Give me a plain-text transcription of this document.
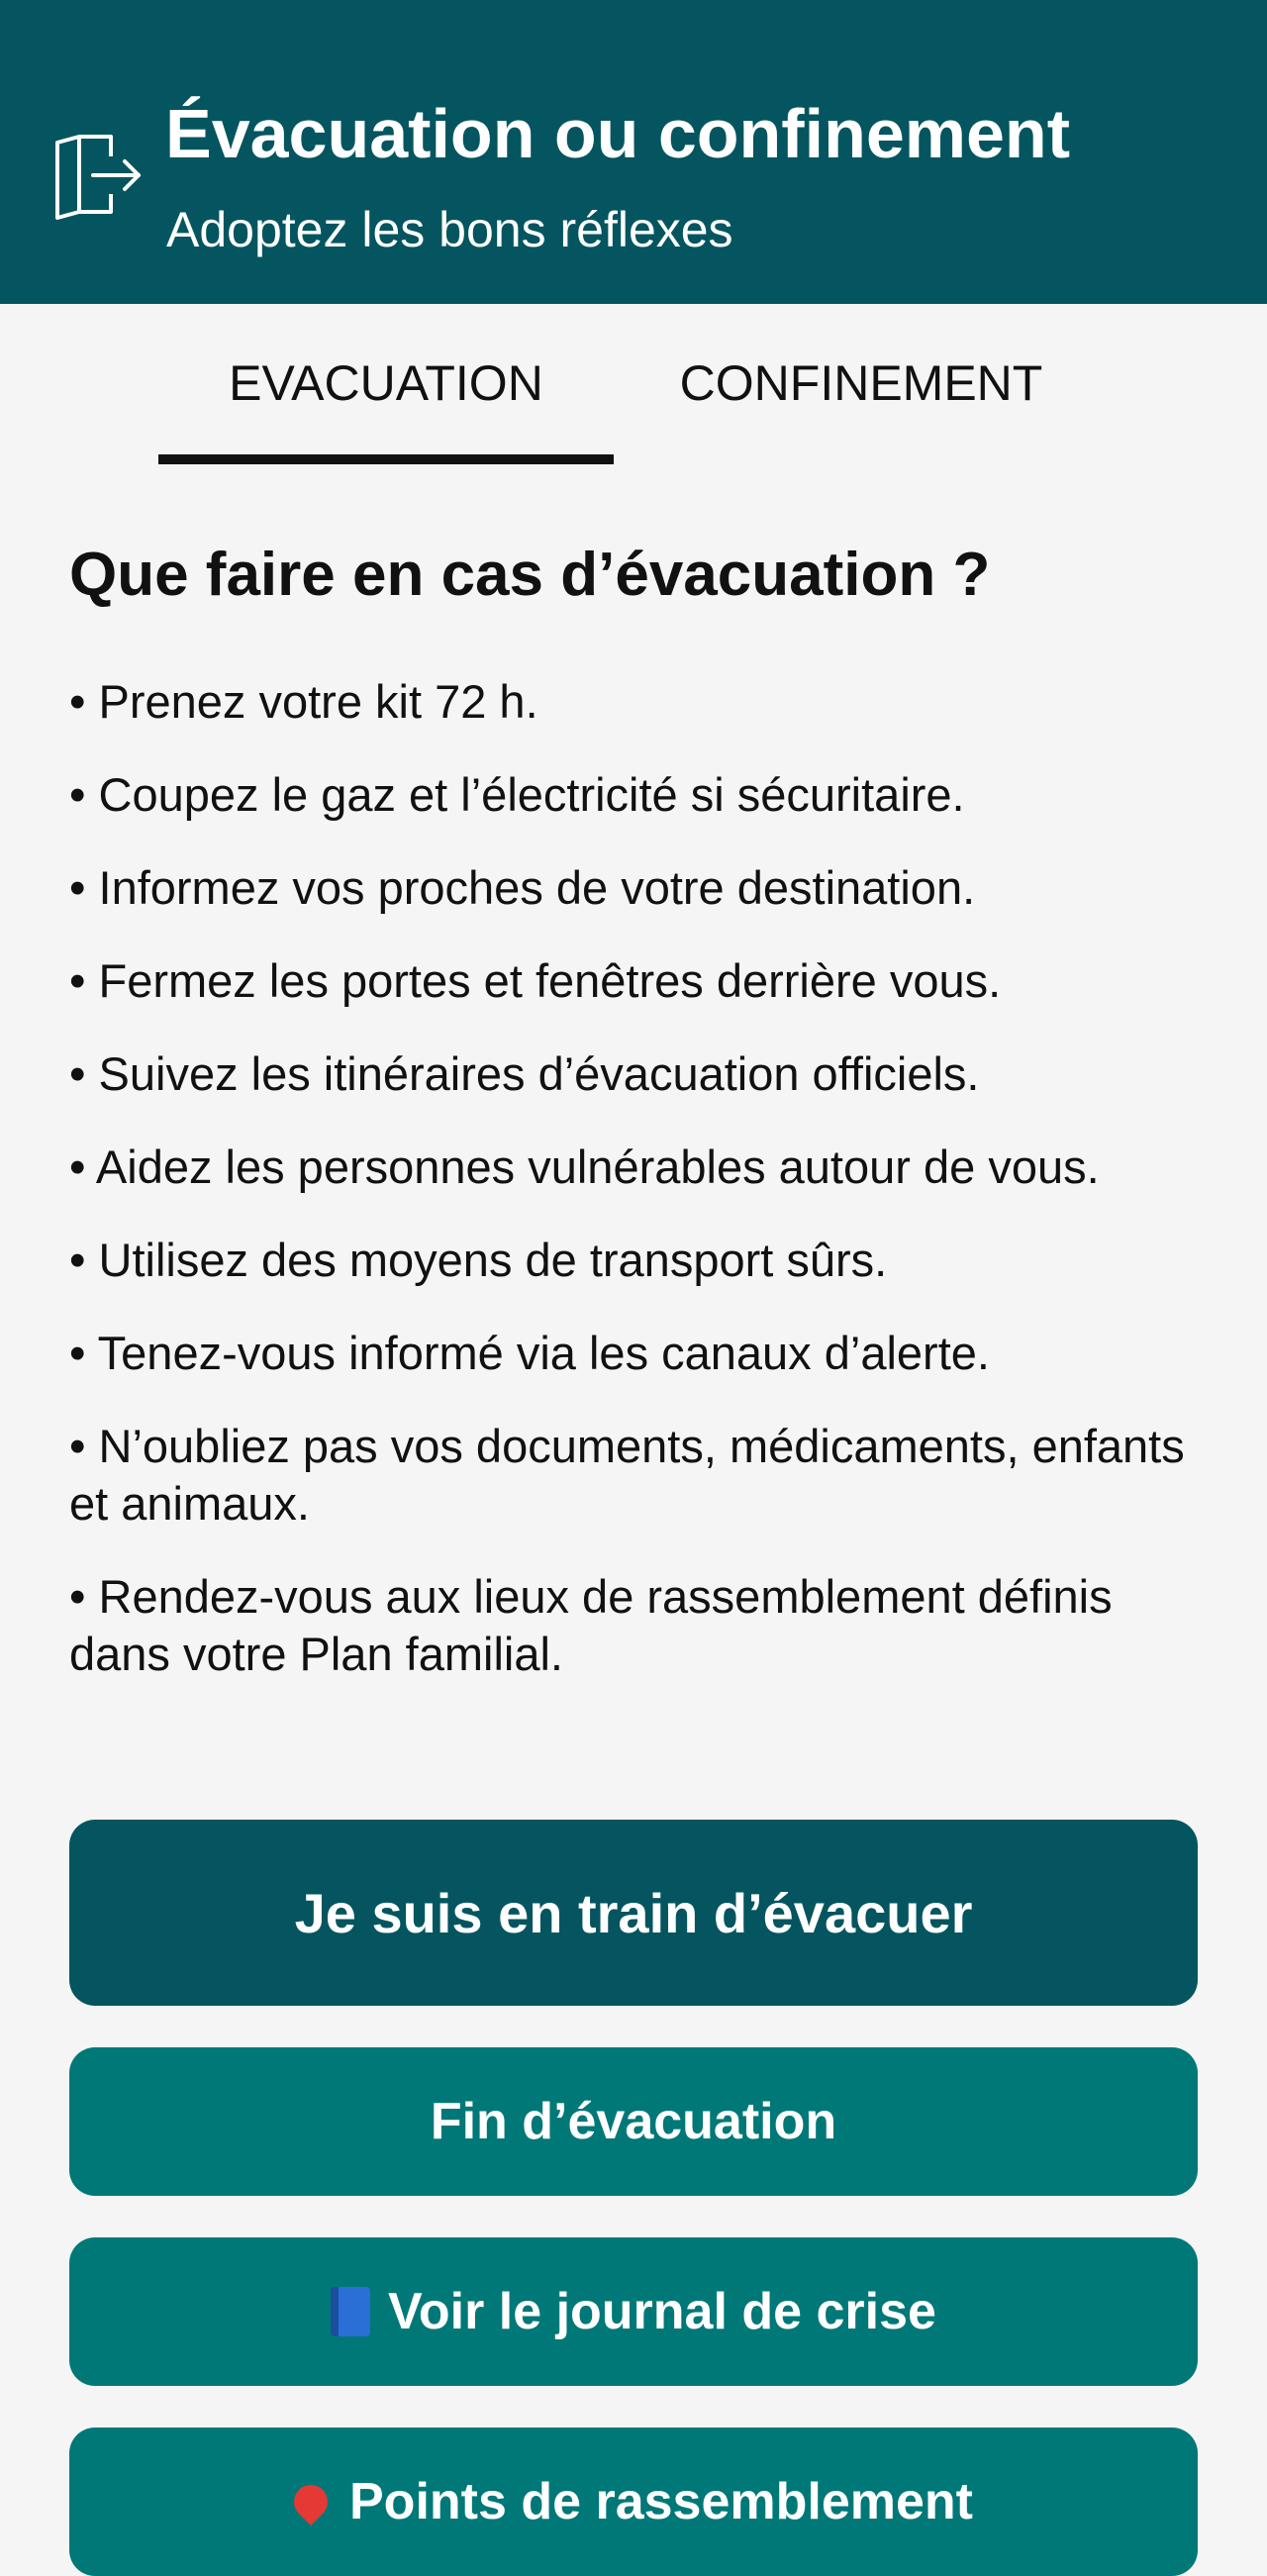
Évacuation ou confinement
Adoptez les bons réflexes
EVACUATION	CONFINEMENT
Que faire en cas d’évacuation ?
• Prenez votre kit 72 h.
• Coupez le gaz et l’électricité si sécuritaire.
• Informez vos proches de votre destination.
• Fermez les portes et fenêtres derrière vous.
• Suivez les itinéraires d’évacuation officiels.
• Aidez les personnes vulnérables autour de vous.
• Utilisez des moyens de transport sûrs.
• Tenez-vous informé via les canaux d’alerte.
• N’oubliez pas vos documents, médicaments, enfants et animaux.
• Rendez-vous aux lieux de rassemblement définis dans votre Plan familial.
Je suis en train d’évacuer
Fin d’évacuation
Voir le journal de crise
Points de rassemblement
